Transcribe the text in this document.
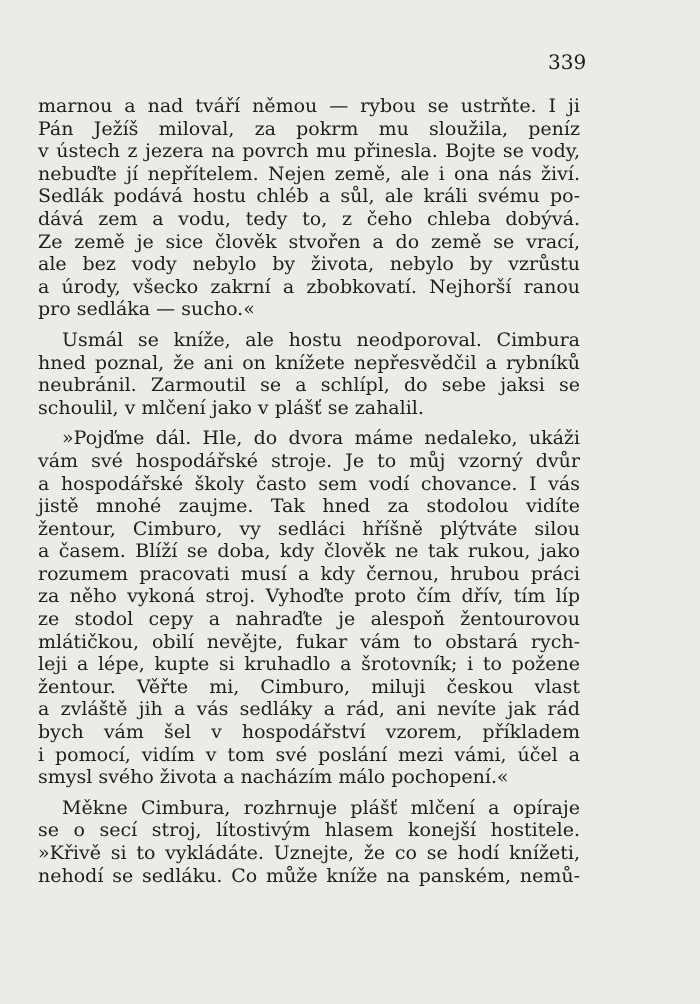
339
marnou a nad tváří němou — rybou se ustrňte. I ji
Pán Ježíš miloval, za pokrm mu sloužila, peníz
v ústech z jezera na povrch mu přinesla. Bojte se vody,
nebuďte jí nepřítelem. Nejen země, ale i ona nás živí.
Sedlák podává hostu chléb a sůl, ale králi svému po-
dává zem a vodu, tedy to, z čeho chleba dobývá.
Ze země je sice člověk stvořen a do země se vrací,
ale bez vody nebylo by života, nebylo by vzrůstu
a úrody, všecko zakrní a zbobkovatí. Nejhorší ranou
pro sedláka — sucho.«
Usmál se kníže, ale hostu neodporoval. Cimbura
hned poznal, že ani on knížete nepřesvědčil a rybníků
neubránil. Zarmoutil se a schlípl, do sebe jaksi se
schoulil, v mlčení jako v plášť se zahalil.
»Pojďme dál. Hle, do dvora máme nedaleko, ukáži
vám své hospodářské stroje. Je to můj vzorný dvůr
a hospodářské školy často sem vodí chovance. I vás
jistě mnohé zaujme. Tak hned za stodolou vidíte
žentour, Cimburo, vy sedláci hříšně plýtváte silou
a časem. Blíží se doba, kdy člověk ne tak rukou, jako
rozumem pracovati musí a kdy černou, hrubou práci
za něho vykoná stroj. Vyhoďte proto čím dřív, tím líp
ze stodol cepy a nahraďte je alespoň žentourovou
mlátičkou, obilí nevějte, fukar vám to obstará rych-
leji a lépe, kupte si kruhadlo a šrotovník; i to požene
žentour. Věřte mi, Cimburo, miluji českou vlast
a zvláště jih a vás sedláky a rád, ani nevíte jak rád
bych vám šel v hospodářství vzorem, příkladem
i pomocí, vidím v tom své poslání mezi vámi, účel a
smysl svého života a nacházím málo pochopení.«
Měkne Cimbura, rozhrnuje plášť mlčení a opíraje
se o secí stroj, lítostivým hlasem konejší hostitele.
»Křivě si to vykládáte. Uznejte, že co se hodí knížeti,
nehodí se sedláku. Co může kníže na panském, nemů-
